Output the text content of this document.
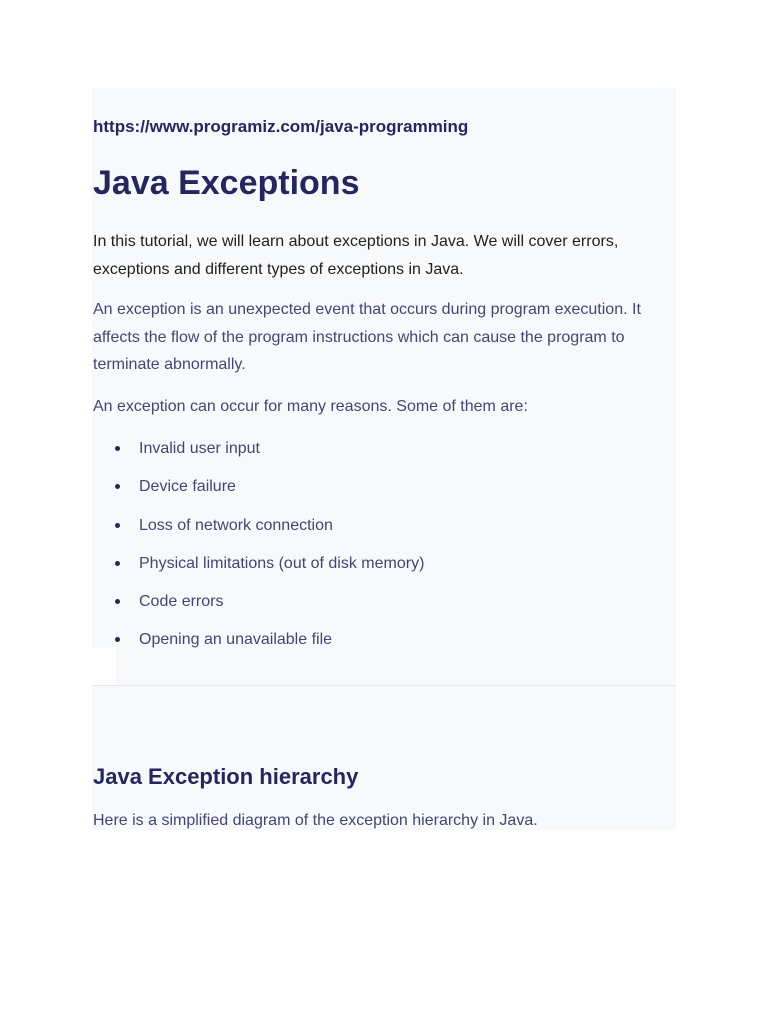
https://www.programiz.com/java-programming
Java Exceptions

In this tutorial, we will learn about exceptions in Java. We will cover errors, exceptions and different types of exceptions in Java.

An exception is an unexpected event that occurs during program execution. It affects the flow of the program instructions which can cause the program to terminate abnormally.

An exception can occur for many reasons. Some of them are:

Invalid user input
Device failure
Loss of network connection
Physical limitations (out of disk memory)
Code errors
Opening an unavailable file
Java Exception hierarchy

Here is a simplified diagram of the exception hierarchy in Java.
